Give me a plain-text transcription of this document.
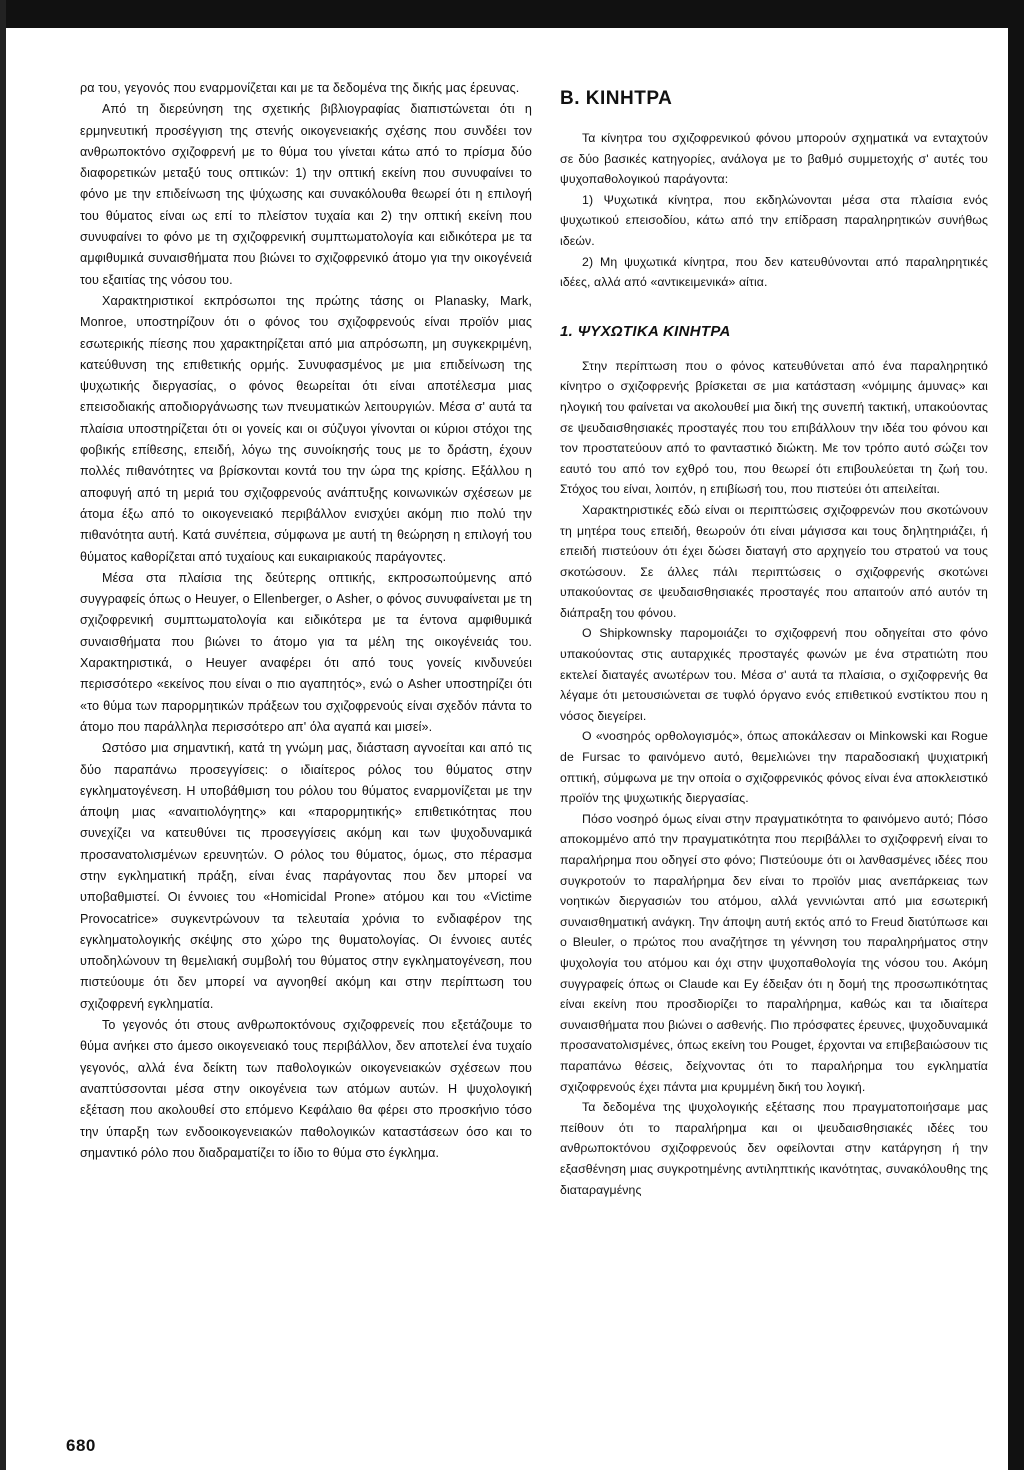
ρα του, γεγονός που εναρμονίζεται και με τα δεδομένα της δικής μας έρευνας.

Από τη διερεύνηση της σχετικής βιβλιογραφίας διαπιστώνεται ότι η ερμηνευτική προσέγγιση της στενής οικογενειακής σχέσης που συνδέει τον ανθρωποκτόνο σχιζοφρενή με το θύμα του γίνεται κάτω από το πρίσμα δύο διαφορετικών μεταξύ τους οπτικών: 1) την οπτική εκείνη που συνυφαίνει το φόνο με την επιδείνωση της ψύχωσης και συνακόλουθα θεωρεί ότι η επιλογή του θύματος είναι ως επί το πλείστον τυχαία και 2) την οπτική εκείνη που συνυφαίνει το φόνο με τη σχιζοφρενική συμπτωματολογία και ειδικότερα με τα αμφιθυμικά συναισθήματα που βιώνει το σχιζοφρενικό άτομο για την οικογένειά του εξαιτίας της νόσου του.

Χαρακτηριστικοί εκπρόσωποι της πρώτης τάσης οι Planasky, Mark, Monroe, υποστηρίζουν ότι ο φόνος του σχιζοφρενούς είναι προϊόν μιας εσωτερικής πίεσης που χαρακτηρίζεται από μια απρόσωπη, μη συγκεκριμένη, κατεύθυνση της επιθετικής ορμής. Συνυφασμένος με μια επιδείνωση της ψυχωτικής διεργασίας, ο φόνος θεωρείται ότι είναι αποτέλεσμα μιας επεισοδιακής αποδιοργάνωσης των πνευματικών λειτουργιών. Μέσα σ' αυτά τα πλαίσια υποστηρίζεται ότι οι γονείς και οι σύζυγοι γίνονται οι κύριοι στόχοι της φοβικής επίθεσης, επειδή, λόγω της συνοίκησής τους με το δράστη, έχουν πολλές πιθανότητες να βρίσκονται κοντά του την ώρα της κρίσης. Εξάλλου η αποφυγή από τη μεριά του σχιζοφρενούς ανάπτυξης κοινωνικών σχέσεων με άτομα έξω από το οικογενειακό περιβάλλον ενισχύει ακόμη πιο πολύ την πιθανότητα αυτή. Κατά συνέπεια, σύμφωνα με αυτή τη θεώρηση η επιλογή του θύματος καθορίζεται από τυχαίους και ευκαιριακούς παράγοντες.

Μέσα στα πλαίσια της δεύτερης οπτικής, εκπροσωπούμενης από συγγραφείς όπως ο Heuyer, ο Ellenberger, ο Asher, ο φόνος συνυφαίνεται με τη σχιζοφρενική συμπτωματολογία και ειδικότερα με τα έντονα αμφιθυμικά συναισθήματα που βιώνει το άτομο για τα μέλη της οικογένειάς του. Χαρακτηριστικά, ο Heuyer αναφέρει ότι από τους γονείς κινδυνεύει περισσότερο «εκείνος που είναι ο πιο αγαπητός», ενώ ο Asher υποστηρίζει ότι «το θύμα των παρορμητικών πράξεων του σχιζοφρενούς είναι σχεδόν πάντα το άτομο που παράλληλα περισσότερο απ' όλα αγαπά και μισεί».

Ωστόσο μια σημαντική, κατά τη γνώμη μας, διάσταση αγνοείται και από τις δύο παραπάνω προσεγγίσεις: ο ιδιαίτερος ρόλος του θύματος στην εγκληματογένεση. Η υποβάθμιση του ρόλου του θύματος εναρμονίζεται με την άποψη μιας «αναιτιολόγητης» και «παρορμητικής» επιθετικότητας που συνεχίζει να κατευθύνει τις προσεγγίσεις ακόμη και των ψυχοδυναμικά προσανατολισμένων ερευνητών. Ο ρόλος του θύματος, όμως, στο πέρασμα στην εγκληματική πράξη, είναι ένας παράγοντας που δεν μπορεί να υποβαθμιστεί. Οι έννοιες του «Homicidal Prone» ατόμου και του «Victime Provocatrice» συγκεντρώνουν τα τελευταία χρόνια το ενδιαφέρον της εγκληματολογικής σκέψης στο χώρο της θυματολογίας. Οι έννοιες αυτές υποδηλώνουν τη θεμελιακή συμβολή του θύματος στην εγκληματογένεση, που πιστεύουμε ότι δεν μπορεί να αγνοηθεί ακόμη και στην περίπτωση του σχιζοφρενή εγκληματία.

Το γεγονός ότι στους ανθρωποκτόνους σχιζοφρενείς που εξετάζουμε το θύμα ανήκει στο άμεσο οικογενειακό τους περιβάλλον, δεν αποτελεί ένα τυχαίο γεγονός, αλλά ένα δείκτη των παθολογικών οικογενειακών σχέσεων που αναπτύσσονται μέσα στην οικογένεια των ατόμων αυτών. Η ψυχολογική εξέταση που ακολουθεί στο επόμενο Κεφάλαιο θα φέρει στο προσκήνιο τόσο την ύπαρξη των ενδοοικογενειακών παθολογικών καταστάσεων όσο και το σημαντικό ρόλο που διαδραματίζει το ίδιο το θύμα στο έγκλημα.

Β. ΚΙΝΗΤΡΑ

Τα κίνητρα του σχιζοφρενικού φόνου μπορούν σχηματικά να ενταχτούν σε δύο βασικές κατηγορίες, ανάλογα με το βαθμό συμμετοχής σ' αυτές του ψυχοπαθολογικού παράγοντα:

1) Ψυχωτικά κίνητρα, που εκδηλώνονται μέσα στα πλαίσια ενός ψυχωτικού επεισοδίου, κάτω από την επίδραση παραληρητικών συνήθως ιδεών.

2) Μη ψυχωτικά κίνητρα, που δεν κατευθύνονται από παραληρητικές ιδέες, αλλά από «αντικειμενικά» αίτια.

1. ΨΥΧΩΤΙΚΑ ΚΙΝΗΤΡΑ

Στην περίπτωση που ο φόνος κατευθύνεται από ένα παραληρητικό κίνητρο ο σχιζοφρενής βρίσκεται σε μια κατάσταση «νόμιμης άμυνας» και ηλογική του φαίνεται να ακολουθεί μια δική της συνεπή τακτική, υπακούοντας σε ψευδαισθησιακές προσταγές που του επιβάλλουν την ιδέα του φόνου και τον προστατεύουν από το φανταστικό διώκτη. Με τον τρόπο αυτό σώζει τον εαυτό του από τον εχθρό του, που θεωρεί ότι επιβουλεύεται τη ζωή του. Στόχος του είναι, λοιπόν, η επιβίωσή του, που πιστεύει ότι απειλείται.

Χαρακτηριστικές εδώ είναι οι περιπτώσεις σχιζοφρενών που σκοτώνουν τη μητέρα τους επειδή, θεωρούν ότι είναι μάγισσα και τους δηλητηριάζει, ή επειδή πιστεύουν ότι έχει δώσει διαταγή στο αρχηγείο του στρατού να τους σκοτώσουν. Σε άλλες πάλι περιπτώσεις ο σχιζοφρενής σκοτώνει υπακούοντας σε ψευδαισθησιακές προσταγές που απαιτούν από αυτόν τη διάπραξη του φόνου.

Ο Shipkownsky παρομοιάζει το σχιζοφρενή που οδηγείται στο φόνο υπακούοντας στις αυταρχικές προσταγές φωνών με ένα στρατιώτη που εκτελεί διαταγές ανωτέρων του. Μέσα σ' αυτά τα πλαίσια, ο σχιζοφρενής θα λέγαμε ότι μετουσιώνεται σε τυφλό όργανο ενός επιθετικού ενστίκτου που η νόσος διεγείρει.

Ο «νοσηρός ορθολογισμός», όπως αποκάλεσαν οι Minkowski και Rogue de Fursac το φαινόμενο αυτό, θεμελιώνει την παραδοσιακή ψυχιατρική οπτική, σύμφωνα με την οποία ο σχιζοφρενικός φόνος είναι ένα αποκλειστικό προϊόν της ψυχωτικής διεργασίας.

Πόσο νοσηρό όμως είναι στην πραγματικότητα το φαινόμενο αυτό; Πόσο αποκομμένο από την πραγματικότητα που περιβάλλει το σχιζοφρενή είναι το παραλήρημα που οδηγεί στο φόνο; Πιστεύουμε ότι οι λανθασμένες ιδέες που συγκροτούν το παραλήρημα δεν είναι το προϊόν μιας ανεπάρκειας των νοητικών διεργασιών του ατόμου, αλλά γεννιώνται από μια εσωτερική συναισθηματική ανάγκη. Την άποψη αυτή εκτός από το Freud διατύπωσε και ο Bleuler, ο πρώτος που αναζήτησε τη γέννηση του παραληρήματος στην ψυχολογία του ατόμου και όχι στην ψυχοπαθολογία της νόσου του. Ακόμη συγγραφείς όπως οι Claude και Ey έδειξαν ότι η δομή της προσωπικότητας είναι εκείνη που προσδιορίζει το παραλήρημα, καθώς και τα ιδιαίτερα συναισθήματα που βιώνει ο ασθενής. Πιο πρόσφατες έρευνες, ψυχοδυναμικά προσανατολισμένες, όπως εκείνη του Pouget, έρχονται να επιβεβαιώσουν τις παραπάνω θέσεις, δείχνοντας ότι το παραλήρημα του εγκληματία σχιζοφρενούς έχει πάντα μια κρυμμένη δική του λογική.

Τα δεδομένα της ψυχολογικής εξέτασης που πραγματοποιήσαμε μας πείθουν ότι το παραλήρημα και οι ψευδαισθησιακές ιδέες του ανθρωποκτόνου σχιζοφρενούς δεν οφείλονται στην κατάργηση ή την εξασθένηση μιας συγκροτημένης αντιληπτικής ικανότητας, συνακόλουθης της διαταραγμένης

680
